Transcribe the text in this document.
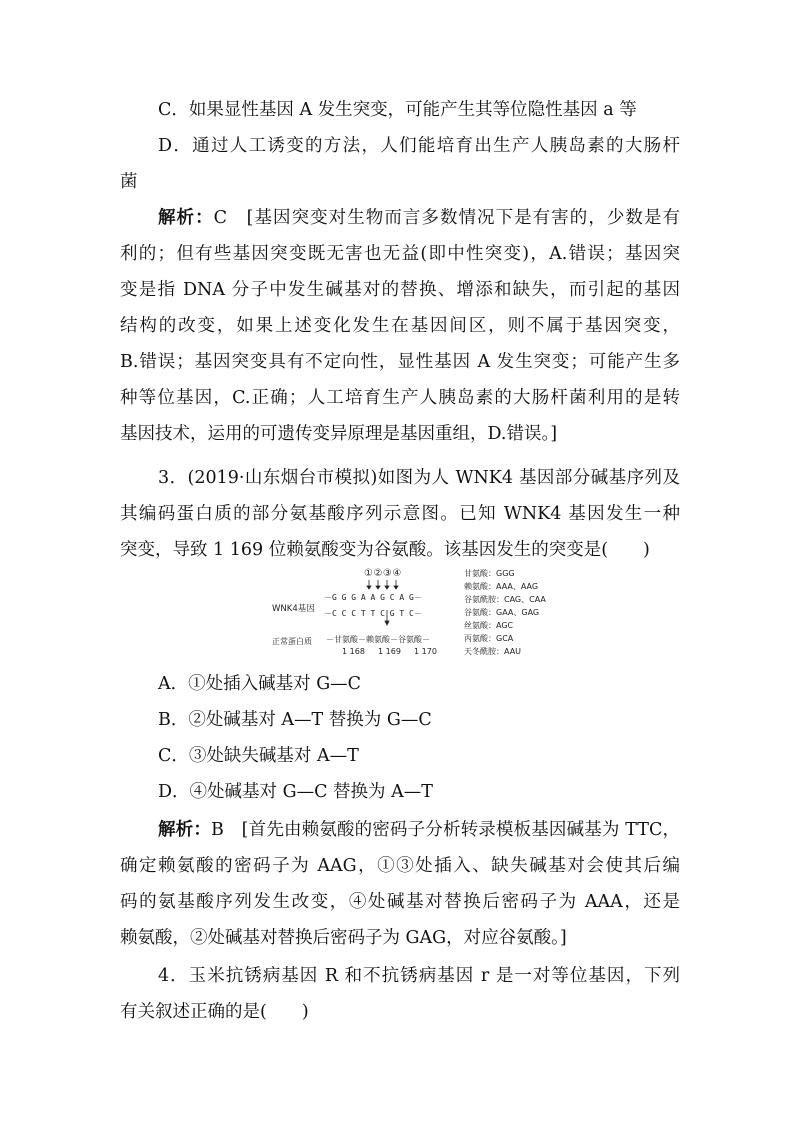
C．如果显性基因 A 发生突变，可能产生其等位隐性基因 a 等
D．通过人工诱变的方法，人们能培育出生产人胰岛素的大肠杆
菌
解析：C　[基因突变对生物而言多数情况下是有害的，少数是有
利的；但有些基因突变既无害也无益(即中性突变)，A.错误；基因突
变是指 DNA 分子中发生碱基对的替换、增添和缺失，而引起的基因
结构的改变，如果上述变化发生在基因间区，则不属于基因突变，
B.错误；基因突变具有不定向性，显性基因 A 发生突变；可能产生多
种等位基因，C.正确；人工培育生产人胰岛素的大肠杆菌利用的是转
基因技术，运用的可遗传变异原理是基因重组，D.错误。]
3．(2019·山东烟台市模拟)如图为人 WNK4 基因部分碱基序列及
其编码蛋白质的部分氨基酸序列示意图。已知 WNK4 基因发生一种
突变，导致 1 169 位赖氨酸变为谷氨酸。该基因发生的突变是(　　)
①②③④
WNK4基因
－G G G A A G C A G－
－C C C T T C G T C－
正常蛋白质 －甘氨酸－赖氨酸－谷氨酸－
1 168 1 169 1 170
甘氨酸：GGG
赖氨酸：AAA、AAG
谷氨酰胺：CAG、CAA
谷氨酸：GAA、GAG
丝氨酸：AGC
丙氨酸：GCA
天冬酰胺：AAU
A．①处插入碱基对 G—C
B．②处碱基对 A—T 替换为 G—C
C．③处缺失碱基对 A—T
D．④处碱基对 G—C 替换为 A—T
解析：B　[首先由赖氨酸的密码子分析转录模板基因碱基为 TTC，
确定赖氨酸的密码子为 AAG，①③处插入、缺失碱基对会使其后编
码的氨基酸序列发生改变，④处碱基对替换后密码子为 AAA，还是
赖氨酸，②处碱基对替换后密码子为 GAG，对应谷氨酸。]
4．玉米抗锈病基因 R 和不抗锈病基因 r 是一对等位基因，下列
有关叙述正确的是(　　)
